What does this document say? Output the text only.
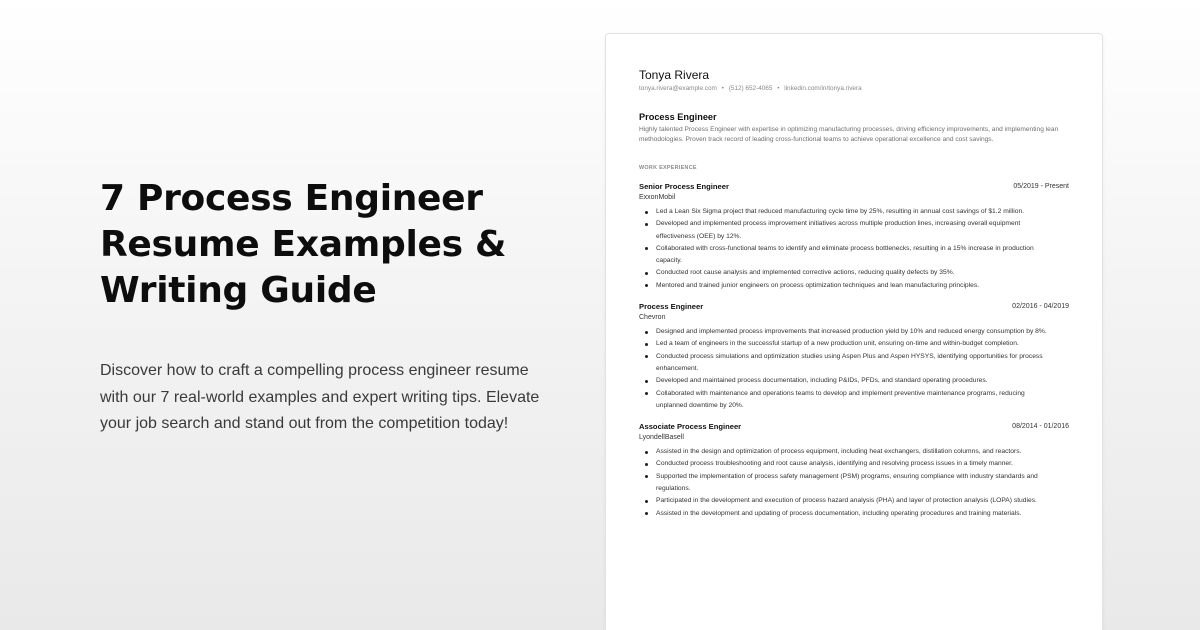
7 Process Engineer Resume Examples & Writing Guide

Discover how to craft a compelling process engineer resume with our 7 real-world examples and expert writing tips. Elevate your job search and stand out from the competition today!

Tonya Rivera
tonya.rivera@example.com • (512) 652-4065 • linkedin.com/in/tonya.rivera
Process Engineer
Highly talented Process Engineer with expertise in optimizing manufacturing processes, driving efficiency improvements, and implementing lean methodologies. Proven track record of leading cross-functional teams to achieve operational excellence and cost savings.
WORK EXPERIENCE
Senior Process Engineer	05/2019 - Present
ExxonMobil
Led a Lean Six Sigma project that reduced manufacturing cycle time by 25%, resulting in annual cost savings of $1.2 million.
Developed and implemented process improvement initiatives across multiple production lines, increasing overall equipment effectiveness (OEE) by 12%.
Collaborated with cross-functional teams to identify and eliminate process bottlenecks, resulting in a 15% increase in production capacity.
Conducted root cause analysis and implemented corrective actions, reducing quality defects by 35%.
Mentored and trained junior engineers on process optimization techniques and lean manufacturing principles.
Process Engineer	02/2016 - 04/2019
Chevron
Designed and implemented process improvements that increased production yield by 10% and reduced energy consumption by 8%.
Led a team of engineers in the successful startup of a new production unit, ensuring on-time and within-budget completion.
Conducted process simulations and optimization studies using Aspen Plus and Aspen HYSYS, identifying opportunities for process enhancement.
Developed and maintained process documentation, including P&IDs, PFDs, and standard operating procedures.
Collaborated with maintenance and operations teams to develop and implement preventive maintenance programs, reducing unplanned downtime by 20%.
Associate Process Engineer	08/2014 - 01/2016
LyondellBasell
Assisted in the design and optimization of process equipment, including heat exchangers, distillation columns, and reactors.
Conducted process troubleshooting and root cause analysis, identifying and resolving process issues in a timely manner.
Supported the implementation of process safety management (PSM) programs, ensuring compliance with industry standards and regulations.
Participated in the development and execution of process hazard analysis (PHA) and layer of protection analysis (LOPA) studies.
Assisted in the development and updating of process documentation, including operating procedures and training materials.
